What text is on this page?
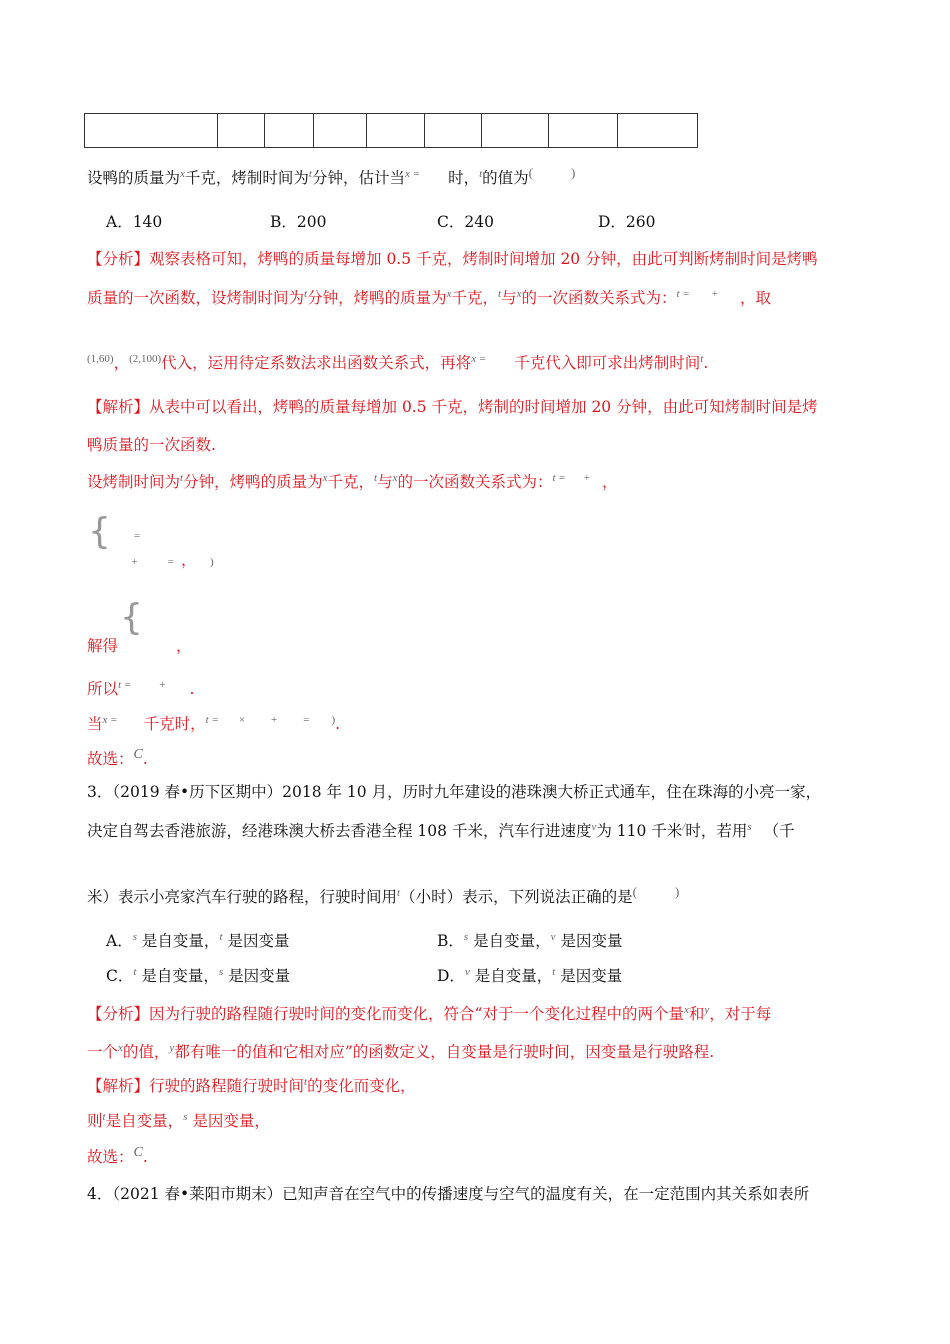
设鸭的质量为$^x$千克，烤制时间为$^t$分钟，估计当$^{x =}$ 时，$^t$的值为(	)
A．140	B．200	C．240	D．260
【分析】观察表格可知，烤鸭的质量每增加 0.5 千克，烤制时间增加 20 分钟，由此可判断烤制时间是烤鸭
质量的一次函数，设烤制时间为$^t$分钟，烤鸭的质量为$^x$千克，$^t$与$^x$的一次函数关系式为：$^{t =}$ + ，取
$^{(1,60)}$，$^{(2,100)}$代入，运用待定系数法求出函数关系式，再将$^{x =}$ 千克代入即可求出烤制时间$^t$.
【解析】从表中可以看出，烤鸭的质量每增加 0.5 千克，烤制的时间增加 20 分钟，由此可知烤制时间是烤
鸭质量的一次函数.
设烤制时间为$^t$分钟，烤鸭的质量为$^x$千克，$^t$与$^x$的一次函数关系式为：$^{t =}$ + ，
{ $_=$ $_+$	$_=$	$_)$
，
{
解得	，
所以$^{t =}$	+ .
当$^{x =}$ 千克时，$^{t =}$ × + = ).
故选：C.
3．（2019 春•历下区期中）2018 年 10 月，历时九年建设的港珠澳大桥正式通车，住在珠海的小亮一家，
决定自驾去香港旅游，经港珠澳大桥去香港全程 108 千米，汽车行进速度$^v$为 110 千米/时，若用$^s$ （千
米）表示小亮家汽车行驶的路程，行驶时间用$^t$（小时）表示，下列说法正确的是(	)
A．$^s$ 是自变量，$^t$ 是因变量	B．$^s$ 是自变量，$^v$ 是因变量
C．$^t$ 是自变量，$^s$ 是因变量	D．$^v$ 是自变量，$^t$ 是因变量
【分析】因为行驶的路程随行驶时间的变化而变化，符合“对于一个变化过程中的两个量$^x$和$^y$，对于每
一个$^x$的值，$^y$都有唯一的值和它相对应”的函数定义，自变量是行驶时间，因变量是行驶路程.
【解析】行驶的路程随行驶时间$^t$的变化而变化，
则$^t$是自变量，$^s$ 是因变量，
故选：C.
4．（2021 春•莱阳市期末）已知声音在空气中的传播速度与空气的温度有关，在一定范围内其关系如表所
